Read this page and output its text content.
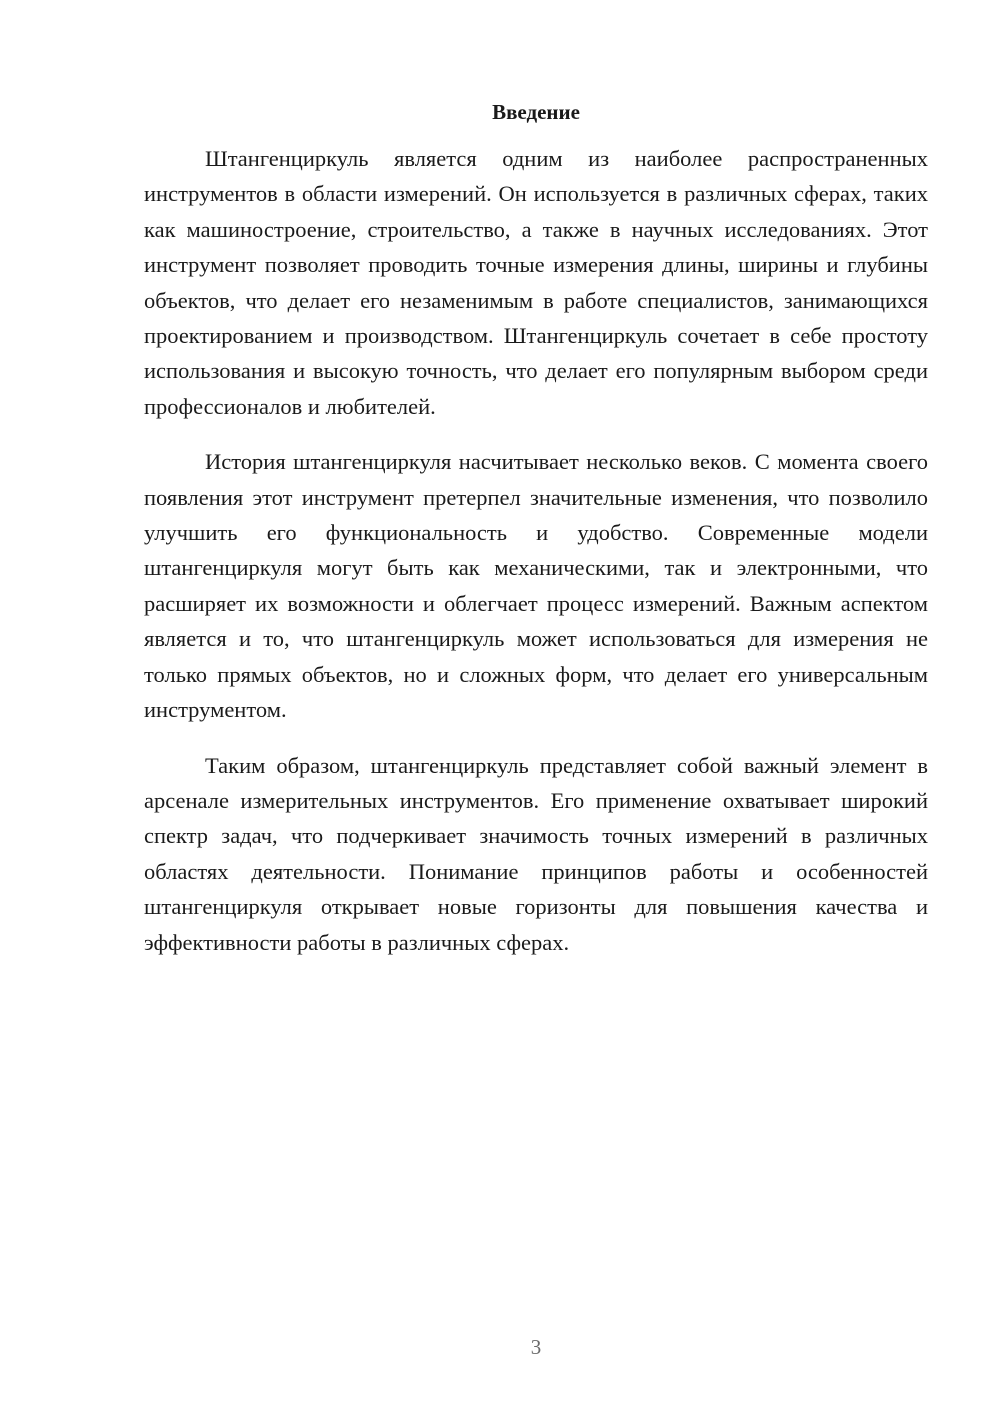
Введение

Штангенциркуль является одним из наиболее распространенных инструментов в области измерений. Он используется в различных сферах, таких как машиностроение, строительство, а также в научных исследованиях. Этот инструмент позволяет проводить точные измерения длины, ширины и глубины объектов, что делает его незаменимым в работе специалистов, занимающихся проектированием и производством. Штангенциркуль сочетает в себе простоту использования и высокую точность, что делает его популярным выбором среди профессионалов и любителей.

История штангенциркуля насчитывает несколько веков. С момента своего появления этот инструмент претерпел значительные изменения, что позволило улучшить его функциональность и удобство. Современные модели штангенциркуля могут быть как механическими, так и электронными, что расширяет их возможности и облегчает процесс измерений. Важным аспектом является и то, что штангенциркуль может использоваться для измерения не только прямых объектов, но и сложных форм, что делает его универсальным инструментом.

Таким образом, штангенциркуль представляет собой важный элемент в арсенале измерительных инструментов. Его применение охватывает широкий спектр задач, что подчеркивает значимость точных измерений в различных областях деятельности. Понимание принципов работы и особенностей штангенциркуля открывает новые горизонты для повышения качества и эффективности работы в различных сферах.

3
